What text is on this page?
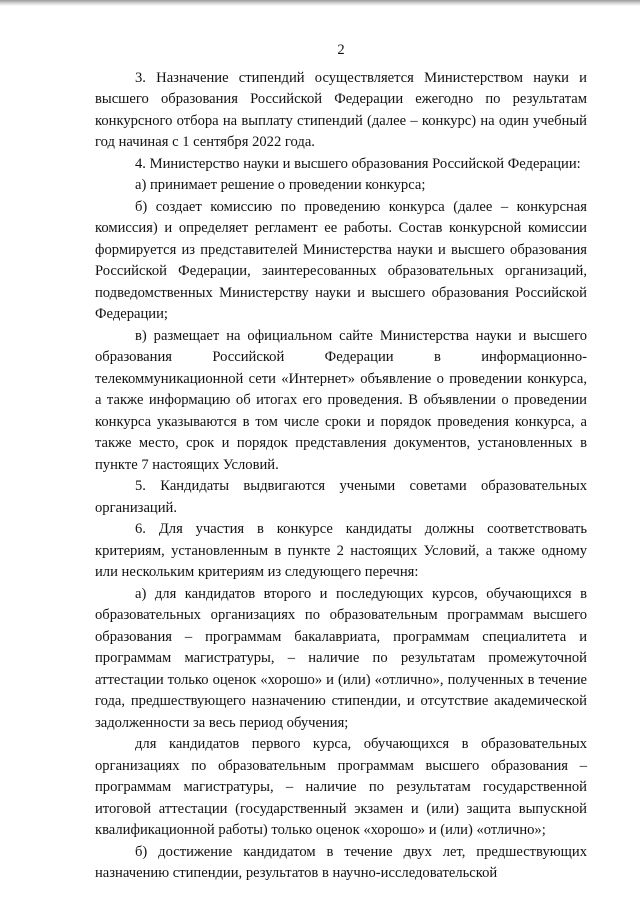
2

3. Назначение стипендий осуществляется Министерством науки и высшего образования Российской Федерации ежегодно по результатам конкурсного отбора на выплату стипендий (далее – конкурс) на один учебный год начиная с 1 сентября 2022 года.

4. Министерство науки и высшего образования Российской Федерации:

а) принимает решение о проведении конкурса;

б) создает комиссию по проведению конкурса (далее – конкурсная комиссия) и определяет регламент ее работы. Состав конкурсной комиссии формируется из представителей Министерства науки и высшего образования Российской Федерации, заинтересованных образовательных организаций, подведомственных Министерству науки и высшего образования Российской Федерации;

в) размещает на официальном сайте Министерства науки и высшего образования Российской Федерации в информационно-телекоммуникационной сети «Интернет» объявление о проведении конкурса, а также информацию об итогах его проведения. В объявлении о проведении конкурса указываются в том числе сроки и порядок проведения конкурса, а также место, срок и порядок представления документов, установленных в пункте 7 настоящих Условий.

5. Кандидаты выдвигаются учеными советами образовательных организаций.

6. Для участия в конкурсе кандидаты должны соответствовать критериям, установленным в пункте 2 настоящих Условий, а также одному или нескольким критериям из следующего перечня:

а) для кандидатов второго и последующих курсов, обучающихся в образовательных организациях по образовательным программам высшего образования – программам бакалавриата, программам специалитета и программам магистратуры, – наличие по результатам промежуточной аттестации только оценок «хорошо» и (или) «отлично», полученных в течение года, предшествующего назначению стипендии, и отсутствие академической задолженности за весь период обучения;

для кандидатов первого курса, обучающихся в образовательных организациях по образовательным программам высшего образования – программам магистратуры, – наличие по результатам государственной итоговой аттестации (государственный экзамен и (или) защита выпускной квалификационной работы) только оценок «хорошо» и (или) «отлично»;

б) достижение кандидатом в течение двух лет, предшествующих назначению стипендии, результатов в научно-исследовательской
